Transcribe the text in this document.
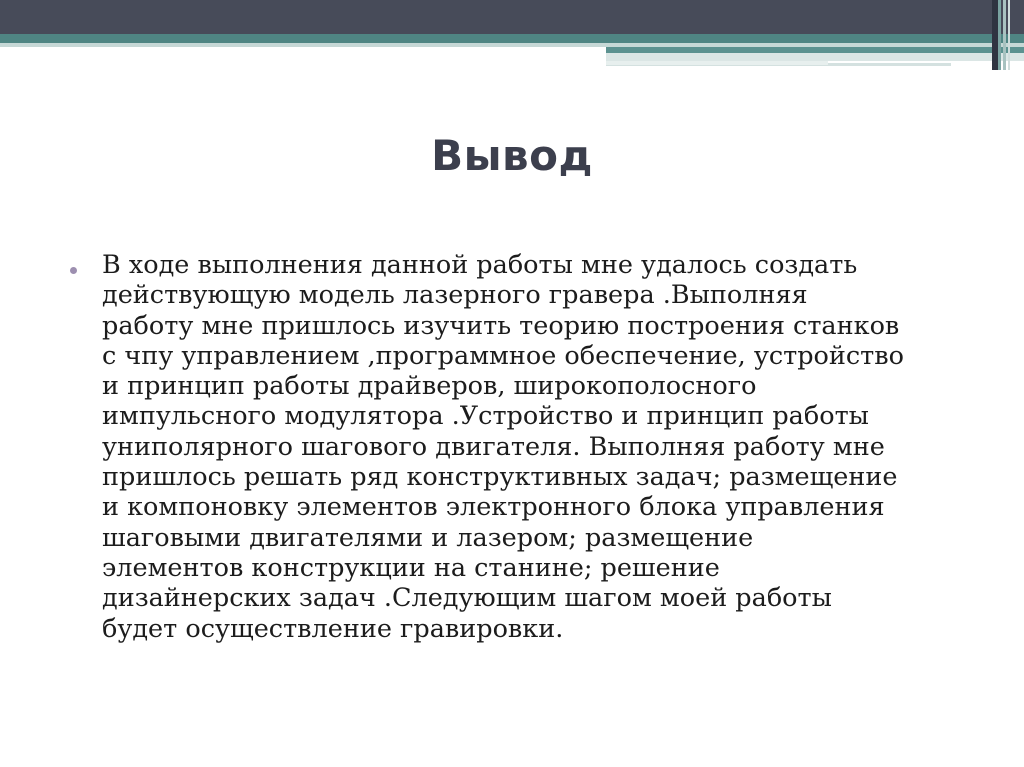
Вывод

В ходе выполнения данной работы мне удалось создать
действующую модель лазерного гравера .Выполняя
работу мне пришлось изучить теорию построения станков
с чпу управлением ,программное обеспечение, устройство
и принцип работы драйверов, широкополосного
импульсного модулятора .Устройство и принцип работы
униполярного шагового двигателя. Выполняя работу мне
пришлось решать ряд конструктивных задач; размещение
и компоновку элементов электронного блока управления
шаговыми двигателями и лазером; размещение
элементов конструкции на станине; решение
дизайнерских задач .Следующим шагом моей работы
будет осуществление гравировки.
